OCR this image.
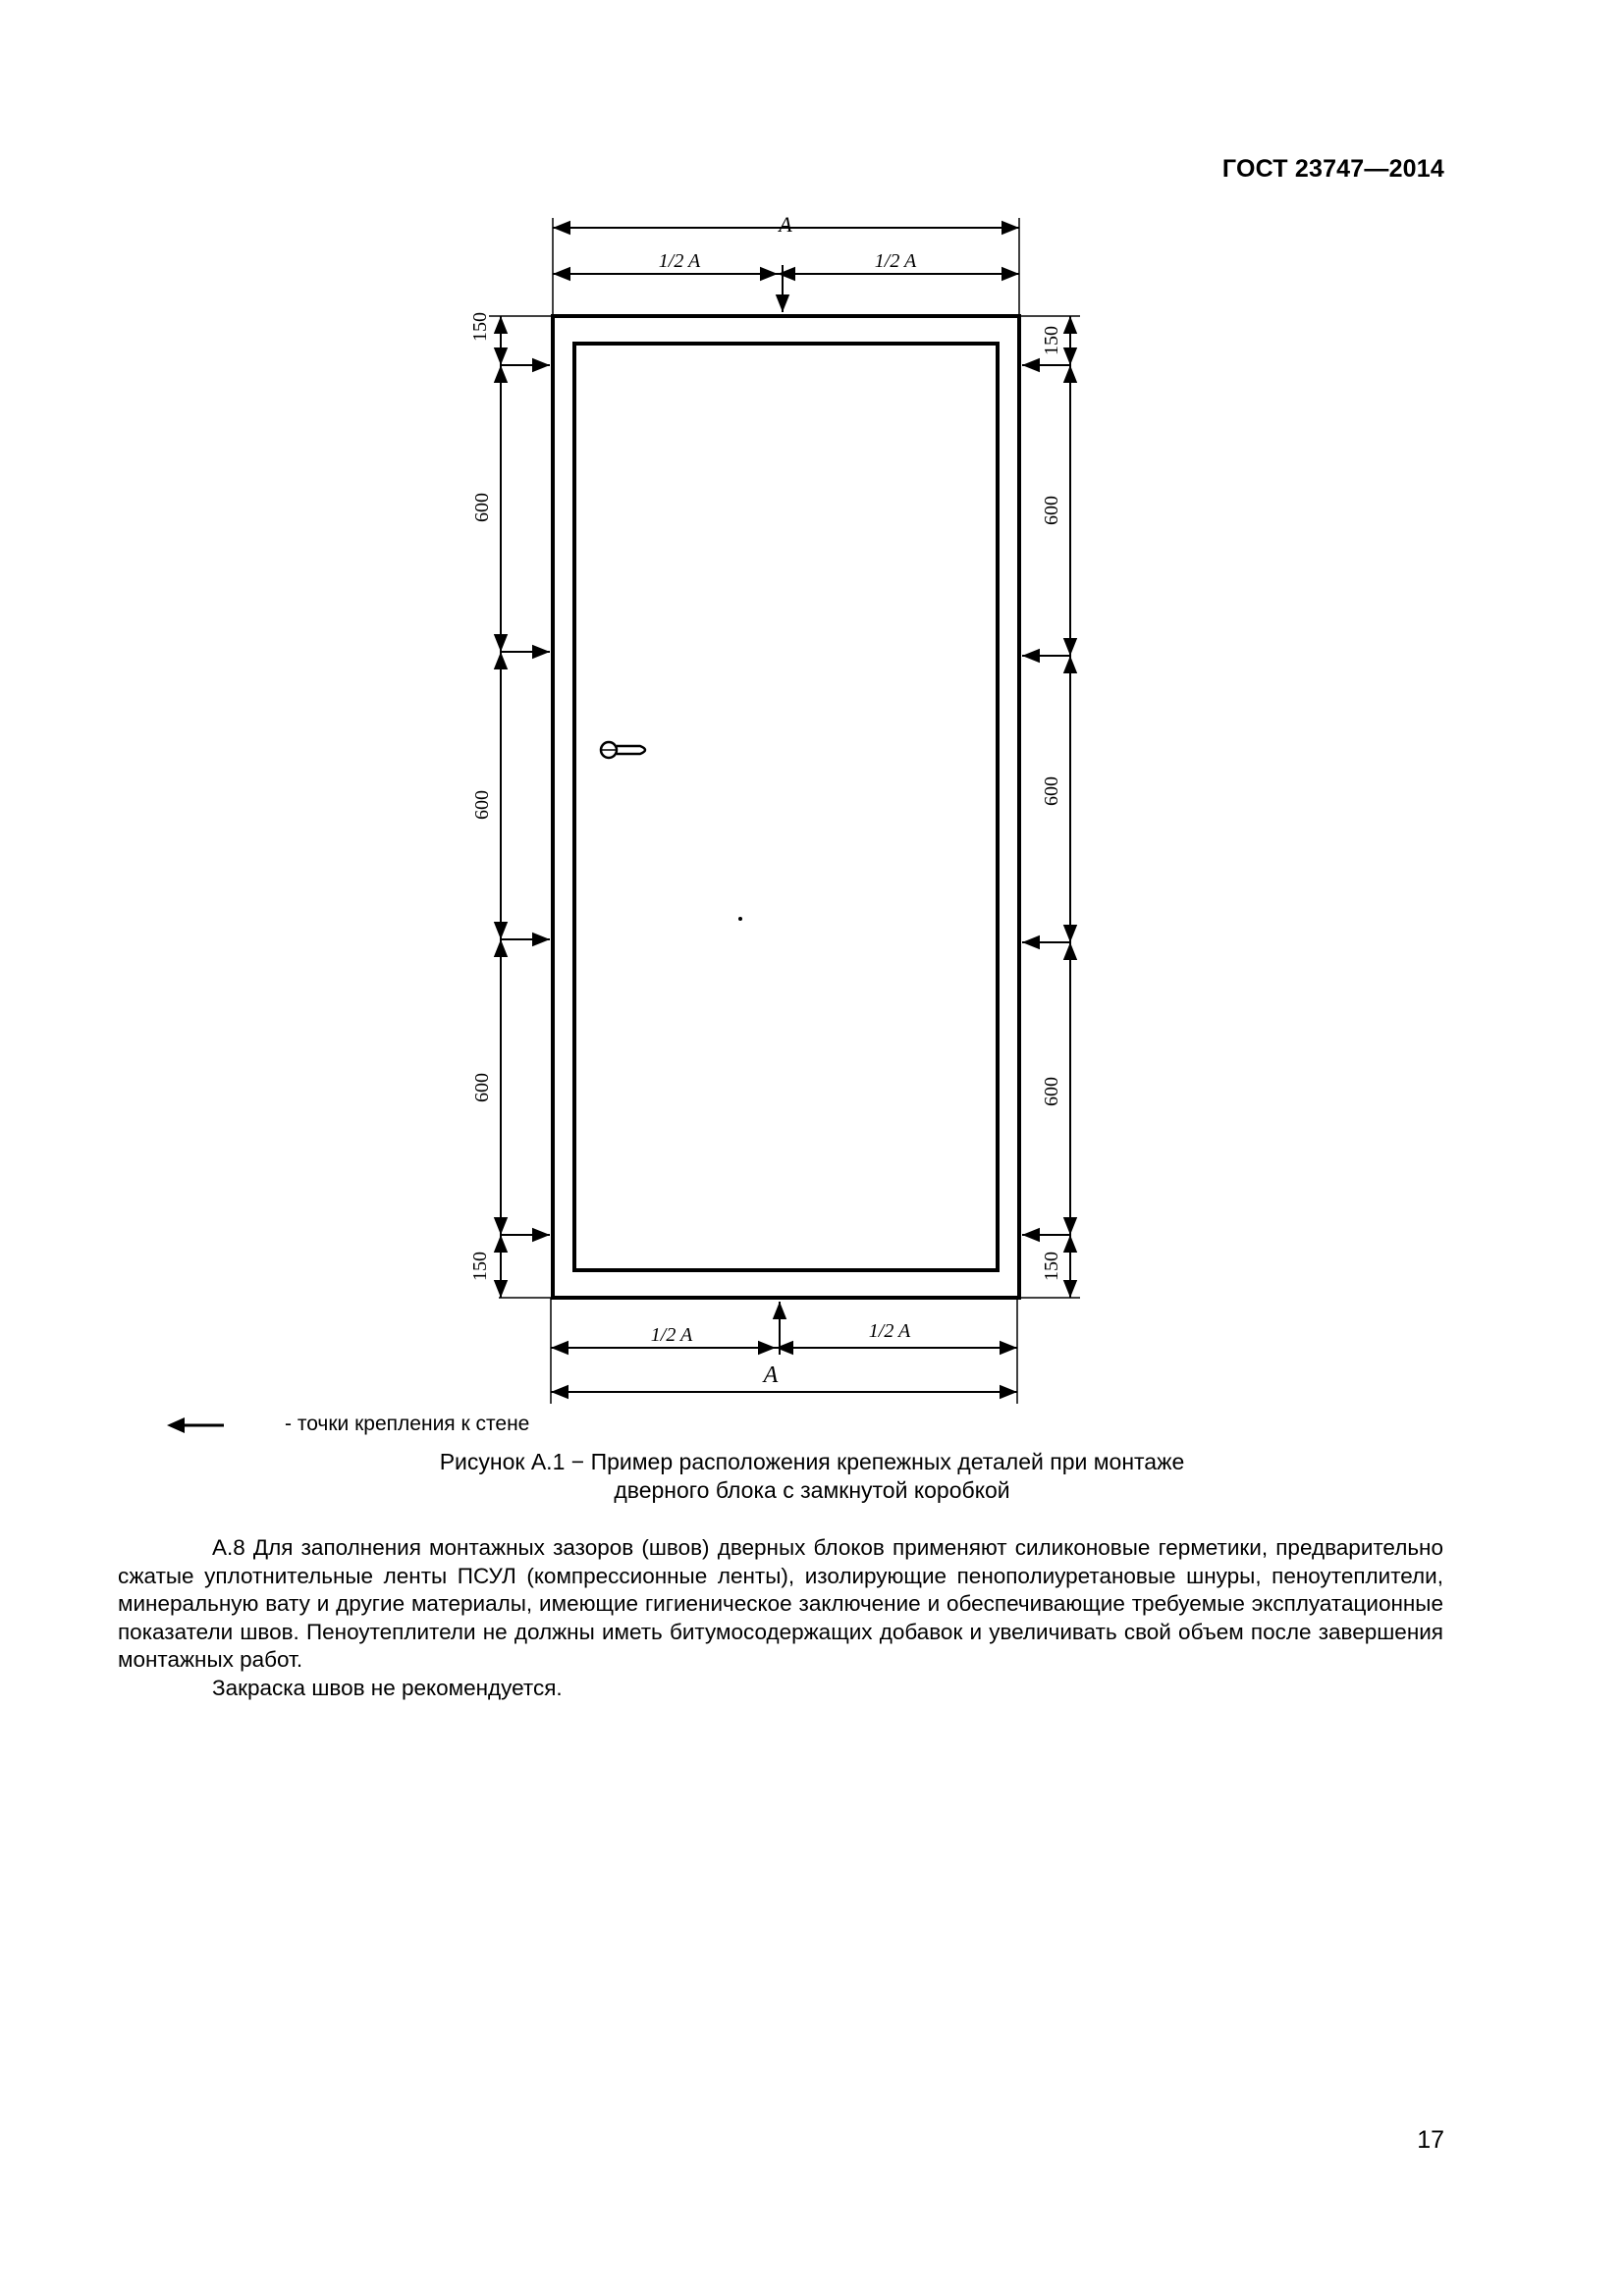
ГОСТ 23747—2014
A
1/2 A	1/2 A
1/2 A	1/2 A
A
150
600
600
600
150
150
600
600
600
150
- точки крепления к стене
Рисунок А.1 − Пример расположения крепежных деталей при монтаже
дверного блока с замкнутой коробкой

А.8 Для заполнения монтажных зазоров (швов) дверных блоков применяют силиконовые герметики, предварительно сжатые уплотнительные ленты ПСУЛ (компрессионные ленты), изолирующие пенополиуретановые шнуры, пеноутеплители, минеральную вату и другие материалы, имеющие гигиеническое заключение и обеспечивающие требуемые эксплуатационные показатели швов. Пеноутеплители не должны иметь битумосодержащих добавок и увеличивать свой объем после завершения монтажных работ.

Закраска швов не рекомендуется.

17
